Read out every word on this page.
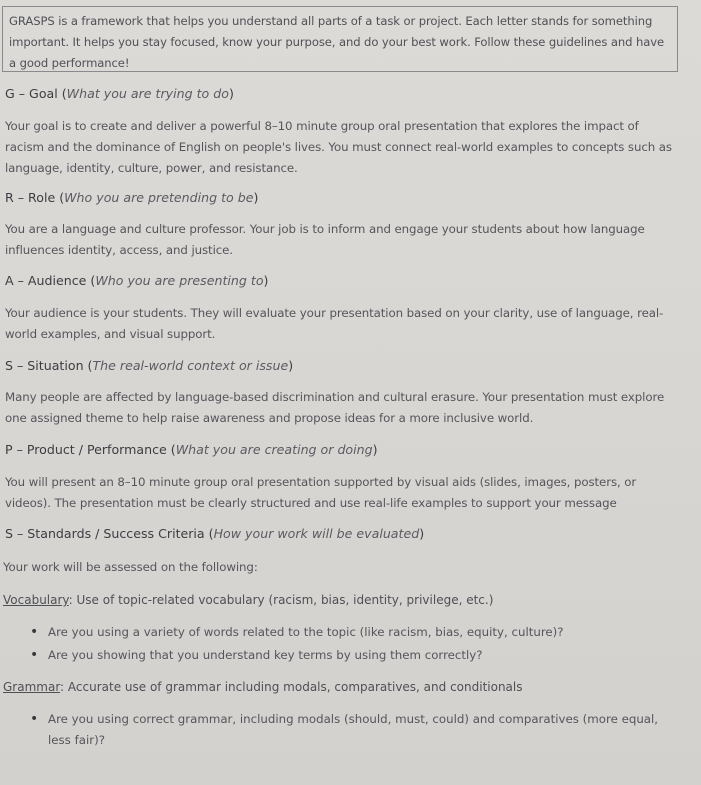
GRASPS is a framework that helps you understand all parts of a task or project. Each letter stands for something important. It helps you stay focused, know your purpose, and do your best work. Follow these guidelines and have a good performance!
G – Goal (What you are trying to do)
Your goal is to create and deliver a powerful 8–10 minute group oral presentation that explores the impact of racism and the dominance of English on people's lives. You must connect real-world examples to concepts such as language, identity, culture, power, and resistance.
R – Role (Who you are pretending to be)
You are a language and culture professor. Your job is to inform and engage your students about how language influences identity, access, and justice.
A – Audience (Who you are presenting to)
Your audience is your students. They will evaluate your presentation based on your clarity, use of language, real-world examples, and visual support.
S – Situation (The real-world context or issue)
Many people are affected by language-based discrimination and cultural erasure. Your presentation must explore one assigned theme to help raise awareness and propose ideas for a more inclusive world.
P – Product / Performance (What you are creating or doing)
You will present an 8–10 minute group oral presentation supported by visual aids (slides, images, posters, or videos). The presentation must be clearly structured and use real-life examples to support your message
S – Standards / Success Criteria (How your work will be evaluated)
Your work will be assessed on the following:
Vocabulary: Use of topic-related vocabulary (racism, bias, identity, privilege, etc.)
• Are you using a variety of words related to the topic (like racism, bias, equity, culture)?
• Are you showing that you understand key terms by using them correctly?
Grammar: Accurate use of grammar including modals, comparatives, and conditionals
• Are you using correct grammar, including modals (should, must, could) and comparatives (more equal, less fair)?
